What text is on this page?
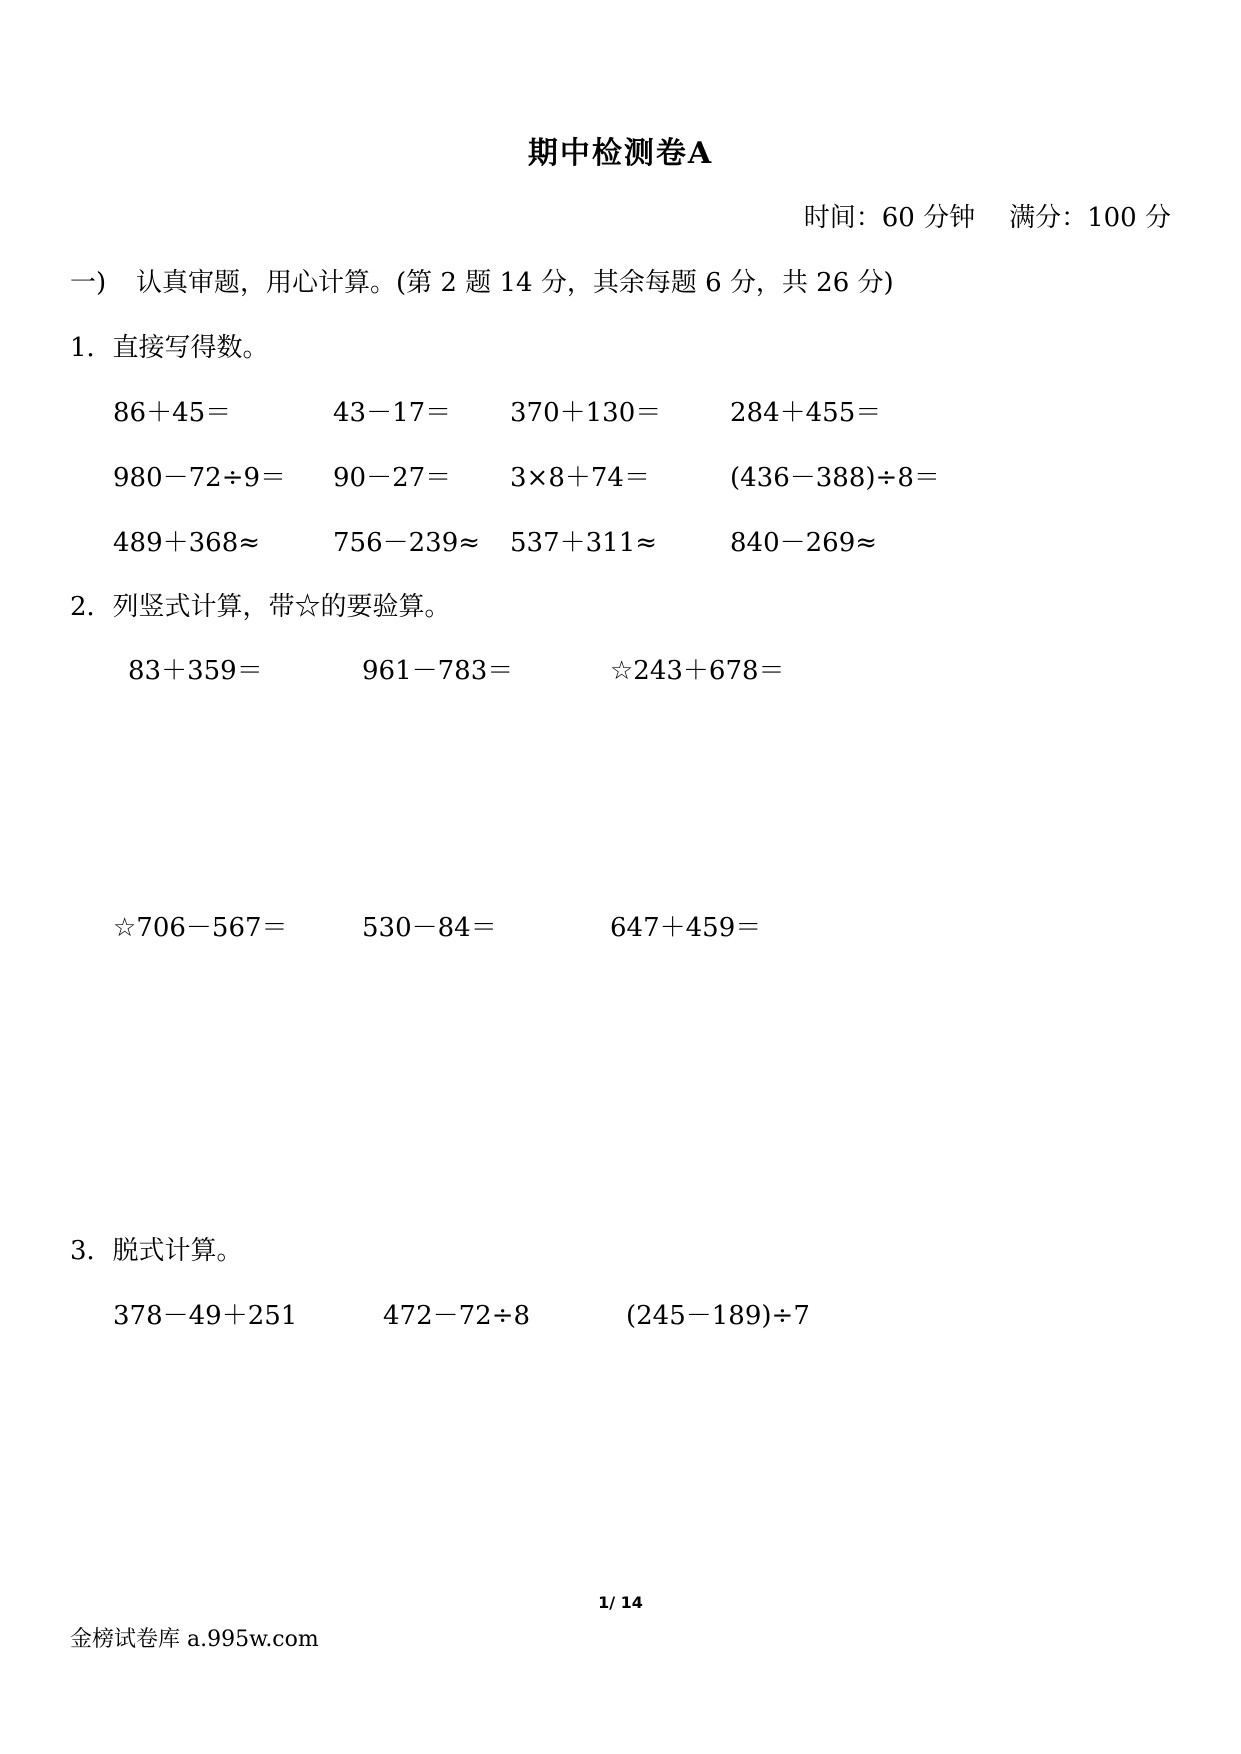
期中检测卷A
时间：60 分钟 满分：100 分
一) 认真审题，用心计算。(第 2 题 14 分，其余每题 6 分，共 26 分)
1．直接写得数。
86＋45＝	43－17＝ 370＋130＝	284＋455＝
980－72÷9＝ 90－27＝ 3×8＋74＝	(436－388)÷8＝
489＋368≈	756－239≈ 537＋311≈	840－269≈
2．列竖式计算，带☆的要验算。
83＋359＝	961－783＝	☆243＋678＝
☆706－567＝	530－84＝	647＋459＝
3．脱式计算。
378－49＋251	472－72÷8	(245－189)÷7
1/ 14
金榜试卷库 a.995w.com
